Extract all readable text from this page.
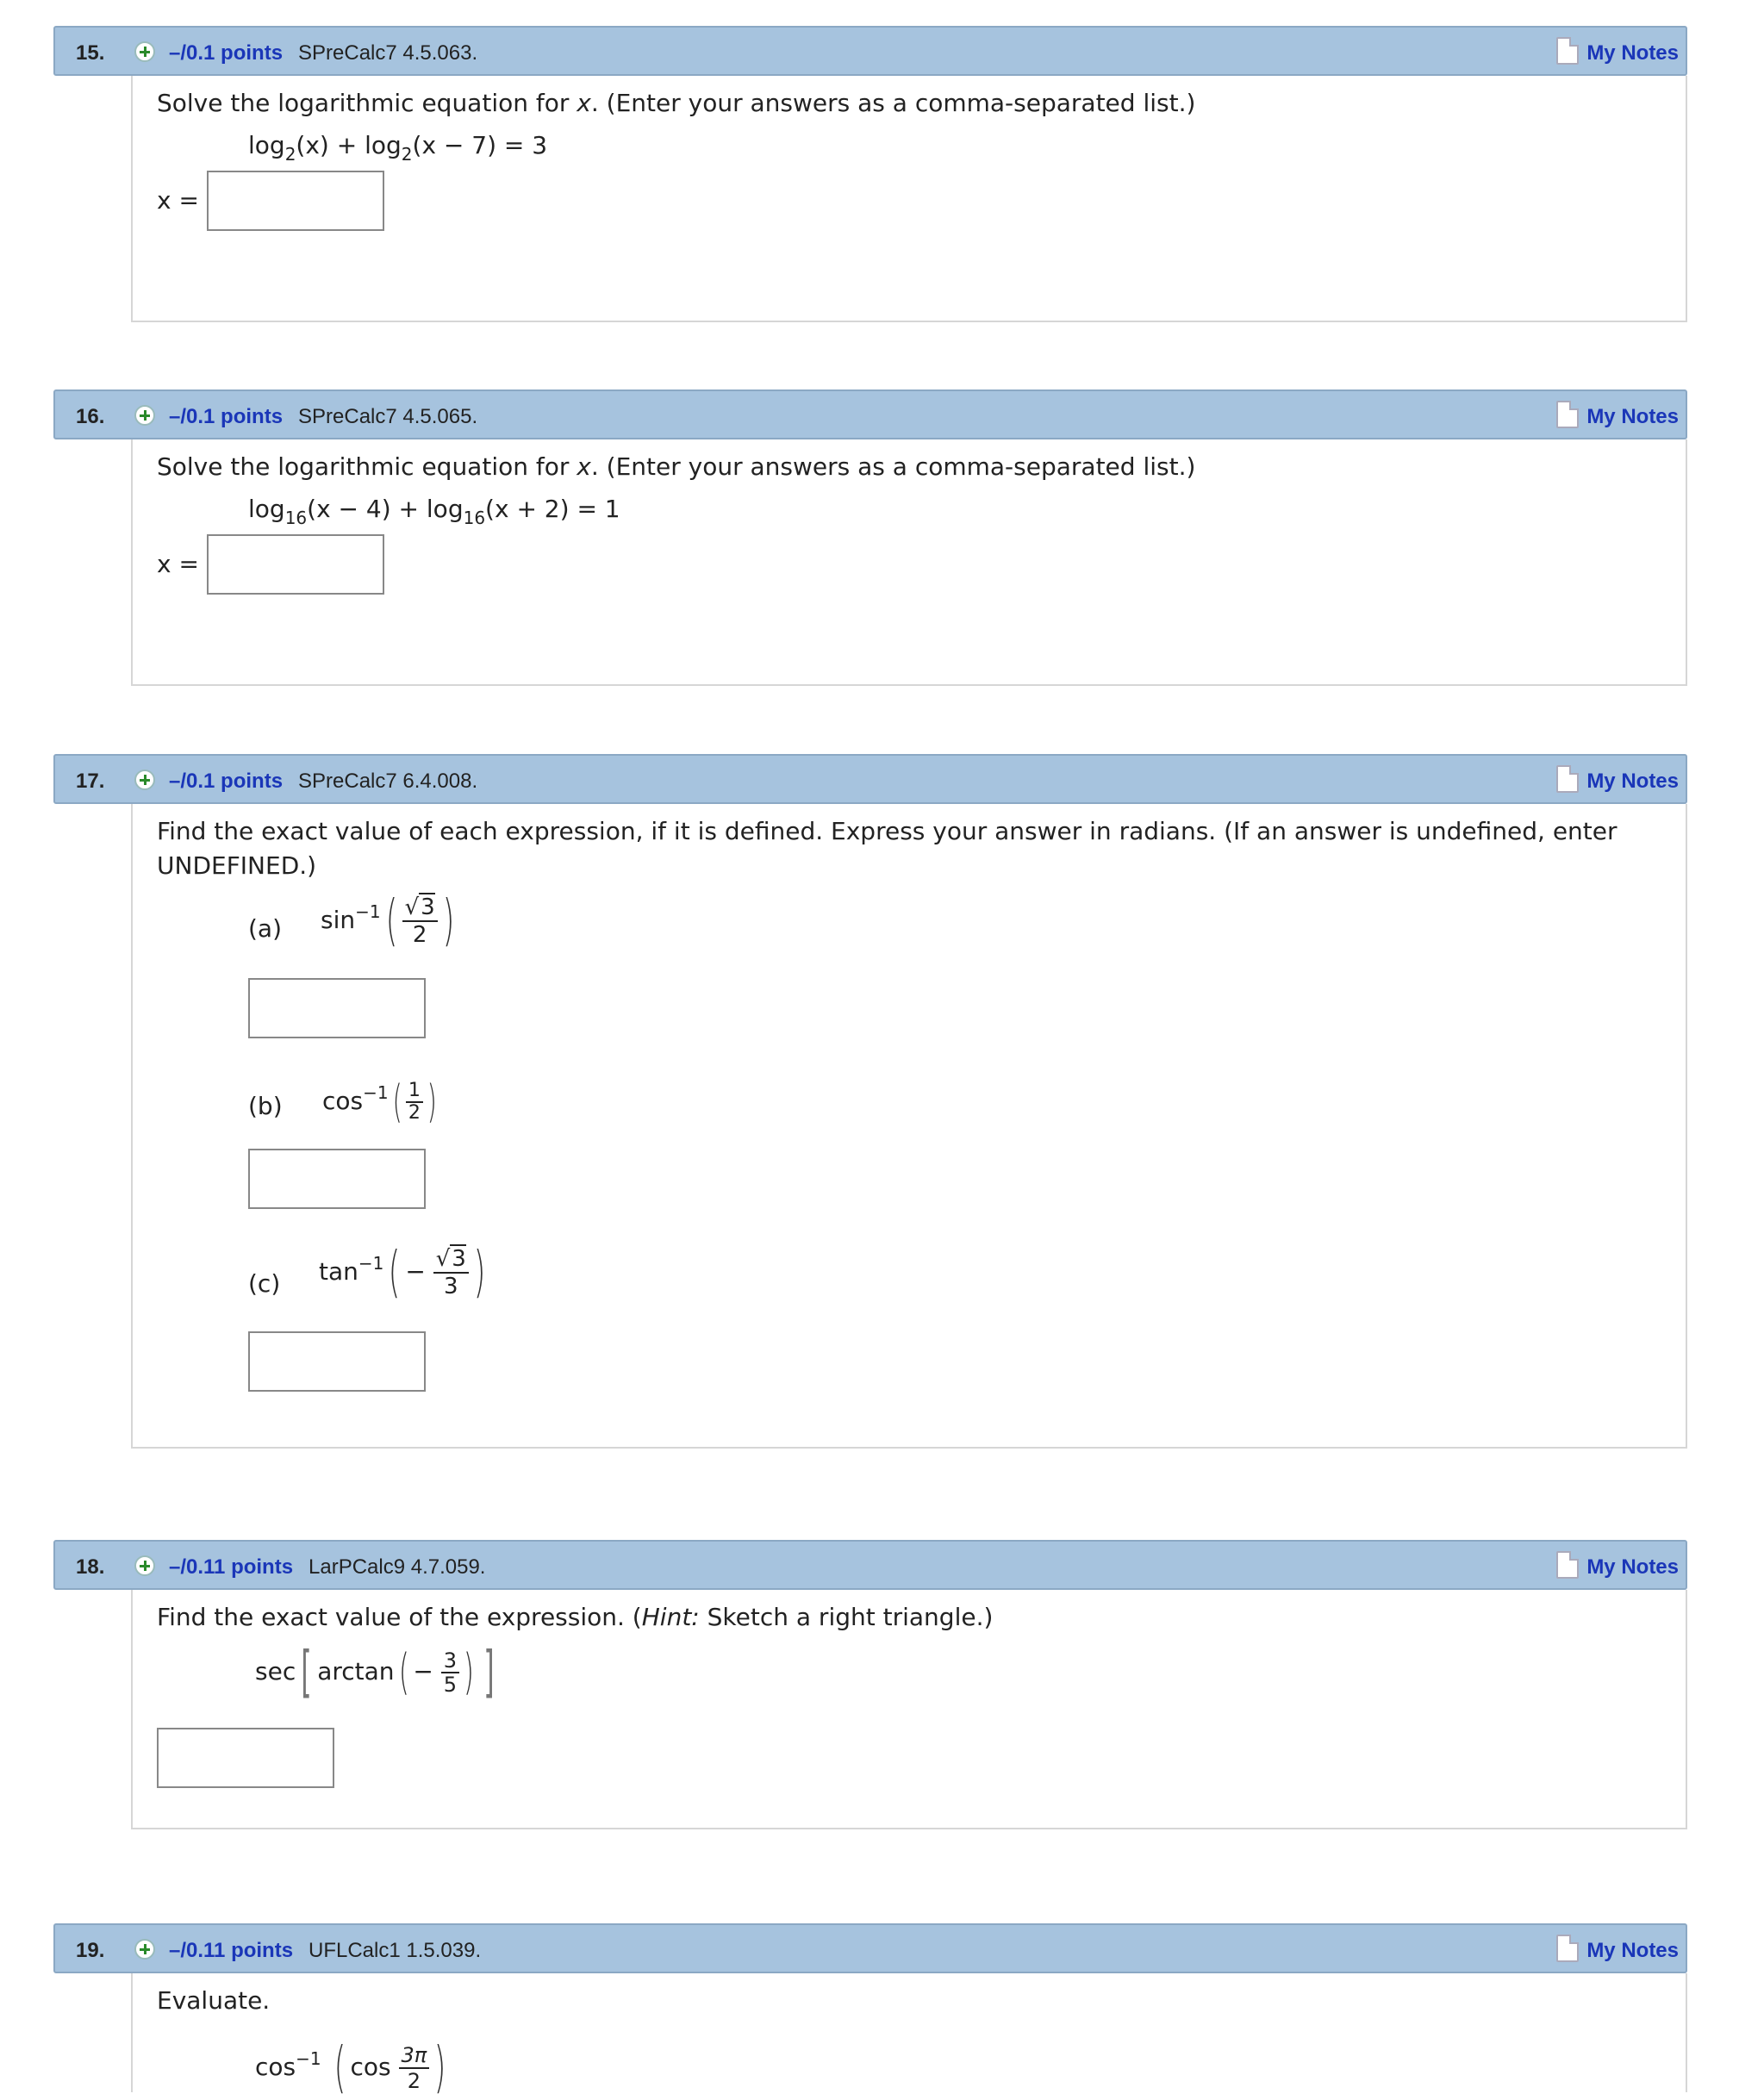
15.	–/0.1 points SPreCalc7 4.5.063.	My Notes
Solve the logarithmic equation for x. (Enter your answers as a comma-separated list.)
$\log_2(x) + \log_2(x - 7) = 3$
x =
16.	–/0.1 points SPreCalc7 4.5.065.	My Notes
Solve the logarithmic equation for x. (Enter your answers as a comma-separated list.)
$\log_{16}(x - 4) + \log_{16}(x + 2) = 1$
x =
17.	–/0.1 points SPreCalc7 6.4.008.	My Notes
Find the exact value of each expression, if it is defined. Express your answer in radians. (If an answer is undefined, enter
UNDEFINED.)
(a) $\sin^{-1}( \frac{√3}{2}$ )
(b) $\cos^{-1}( \frac{1}{2}$ )
(c) $\tan^{-1}( - \frac{√3}{3}$ )
18.	–/0.11 points LarPCalc9 4.7.059.	My Notes
Find the exact value of the expression. (Hint: Sketch a right triangle.)
sec[ $\arctan( - \frac{3}{5}$ ) ]
19.	–/0.11 points UFLCalc1 1.5.039.	My Notes
Evaluate.
$\cos^{-1}$ ( $\cos \frac{3\pi}{2}$ )
